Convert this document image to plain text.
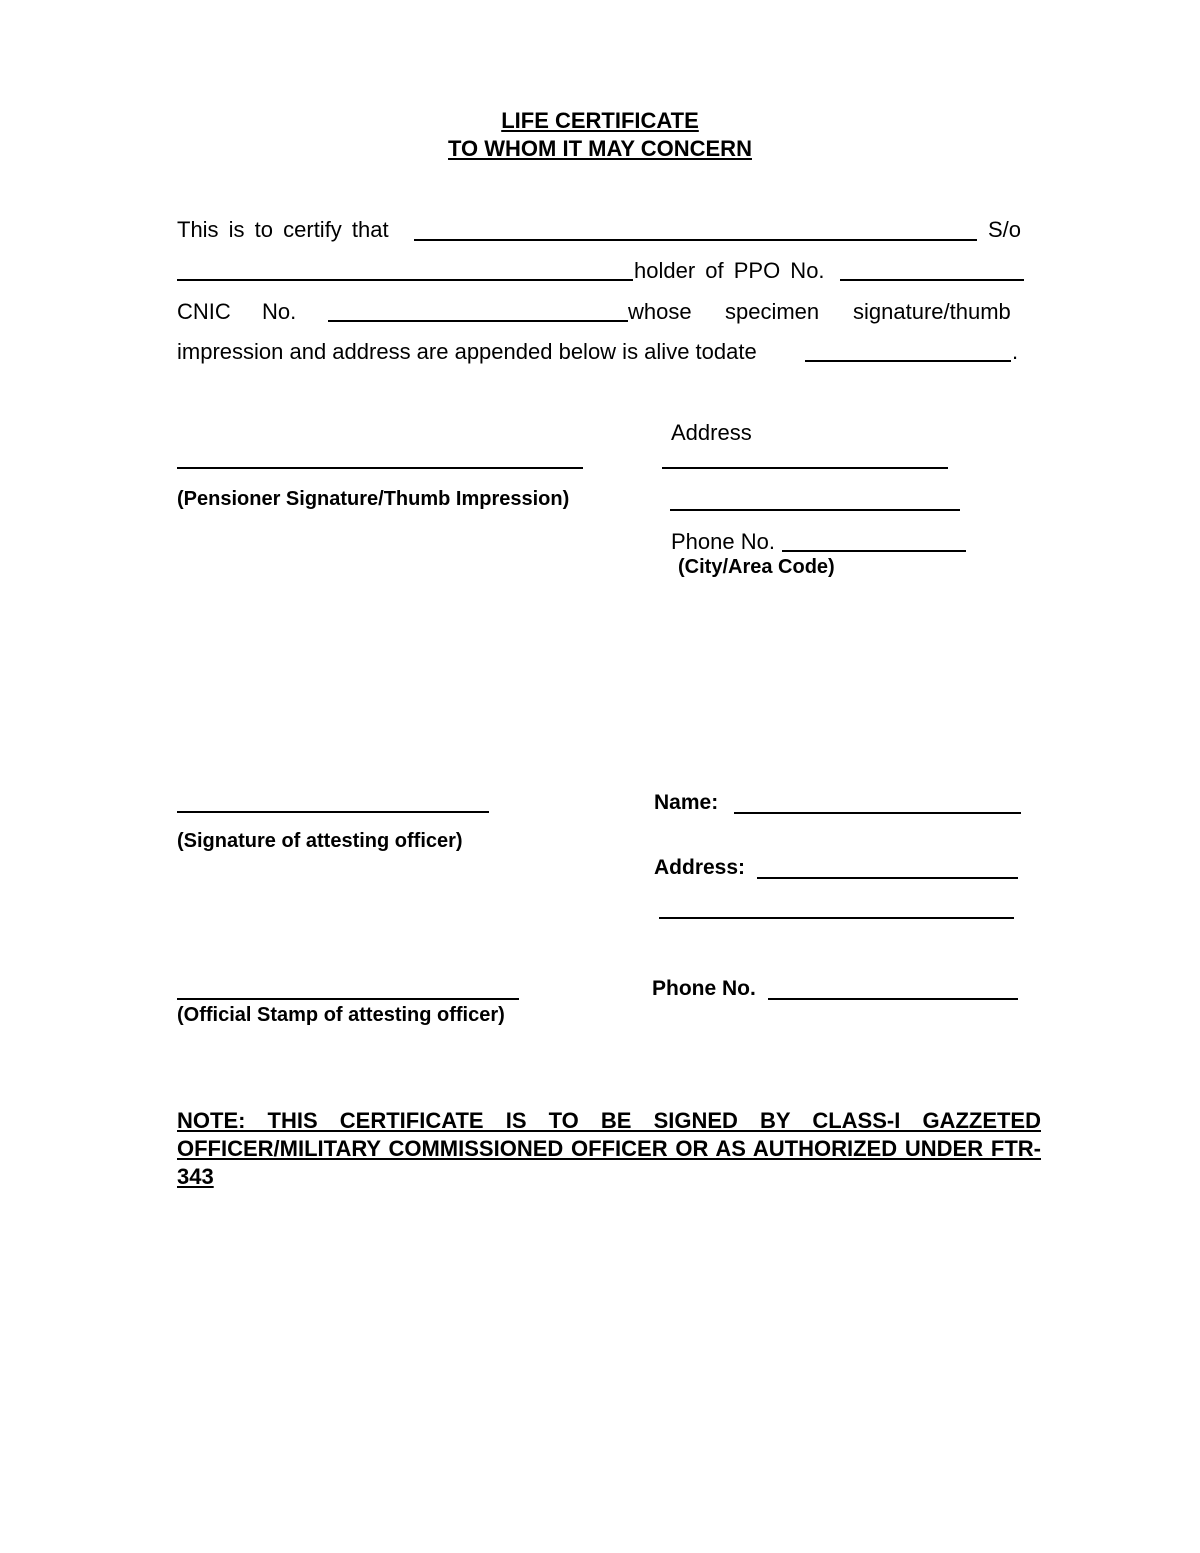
LIFE CERTIFICATE
TO WHOM IT MAY CONCERN
This is to certify that	S/o
holder of PPO No.
CNIC No.	whose specimen signature/thumb
impression and address are appended below is alive todate	.
Address
(Pensioner Signature/Thumb Impression)
Phone No.
(City/Area Code)
Name:
(Signature of attesting officer)
Address:
Phone No.
(Official Stamp of attesting officer)
NOTE: THIS CERTIFICATE IS TO BE SIGNED BY CLASS-I GAZZETED OFFICER/MILITARY COMMISSIONED OFFICER OR AS AUTHORIZED UNDER FTR-343
